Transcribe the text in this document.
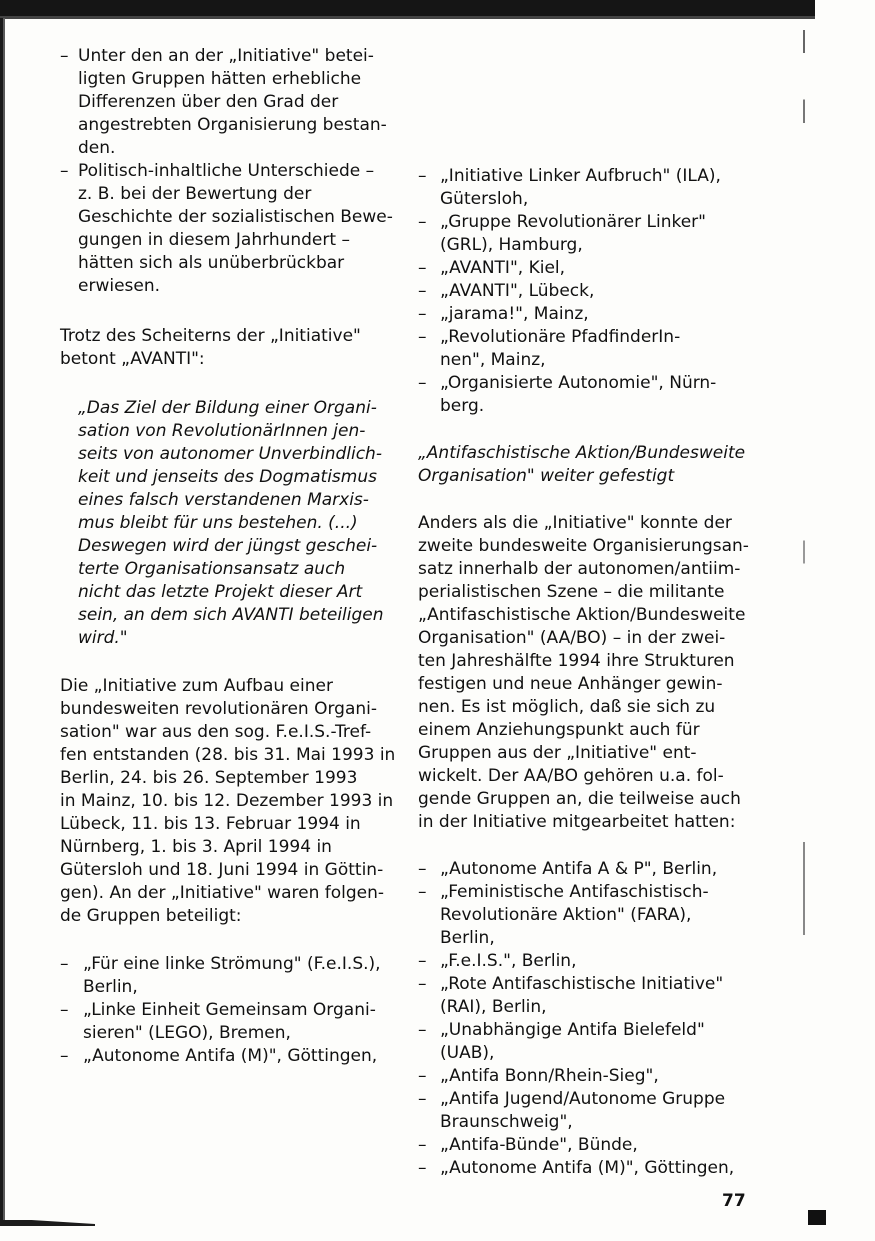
77
– Unter den an der „Initiative" betei-
ligten Gruppen hätten erhebliche
Differenzen über den Grad der
angestrebten Organisierung bestan-
den.
– Politisch-inhaltliche Unterschiede –
z. B. bei der Bewertung der
Geschichte der sozialistischen Bewe-
gungen in diesem Jahrhundert –
hätten sich als unüberbrückbar
erwiesen.
Trotz des Scheiterns der „Initiative"
betont „AVANTI":
„Das Ziel der Bildung einer Organi-
sation von RevolutionärInnen jen-
seits von autonomer Unverbindlich-
keit und jenseits des Dogmatismus
eines falsch verstandenen Marxis-
mus bleibt für uns bestehen. (...)
Deswegen wird der jüngst geschei-
terte Organisationsansatz auch
nicht das letzte Projekt dieser Art
sein, an dem sich AVANTI beteiligen
wird."
Die „Initiative zum Aufbau einer
bundesweiten revolutionären Organi-
sation" war aus den sog. F.e.I.S.-Tref-
fen entstanden (28. bis 31. Mai 1993 in
Berlin, 24. bis 26. September 1993
in Mainz, 10. bis 12. Dezember 1993 in
Lübeck, 11. bis 13. Februar 1994 in
Nürnberg, 1. bis 3. April 1994 in
Gütersloh und 18. Juni 1994 in Göttin-
gen). An der „Initiative" waren folgen-
de Gruppen beteiligt:
– „Für eine linke Strömung" (F.e.I.S.),
Berlin,
– „Linke Einheit Gemeinsam Organi-
sieren" (LEGO), Bremen,
– „Autonome Antifa (M)", Göttingen,
– „Initiative Linker Aufbruch" (ILA),
Gütersloh,
– „Gruppe Revolutionärer Linker"
(GRL), Hamburg,
– „AVANTI", Kiel,
– „AVANTI", Lübeck,
– „jarama!", Mainz,
– „Revolutionäre PfadfinderIn-
nen", Mainz,
– „Organisierte Autonomie", Nürn-
berg.
„Antifaschistische Aktion/Bundesweite
Organisation" weiter gefestigt
Anders als die „Initiative" konnte der
zweite bundesweite Organisierungsan-
satz innerhalb der autonomen/antiim-
perialistischen Szene – die militante
„Antifaschistische Aktion/Bundesweite
Organisation" (AA/BO) – in der zwei-
ten Jahreshälfte 1994 ihre Strukturen
festigen und neue Anhänger gewin-
nen. Es ist möglich, daß sie sich zu
einem Anziehungspunkt auch für
Gruppen aus der „Initiative" ent-
wickelt. Der AA/BO gehören u.a. fol-
gende Gruppen an, die teilweise auch
in der Initiative mitgearbeitet hatten:
– „Autonome Antifa A & P", Berlin,
– „Feministische Antifaschistisch-
Revolutionäre Aktion" (FARA),
Berlin,
– „F.e.I.S.", Berlin,
– „Rote Antifaschistische Initiative"
(RAI), Berlin,
– „Unabhängige Antifa Bielefeld"
(UAB),
– „Antifa Bonn/Rhein-Sieg",
– „Antifa Jugend/Autonome Gruppe
Braunschweig",
– „Antifa-Bünde", Bünde,
– „Autonome Antifa (M)", Göttingen,
